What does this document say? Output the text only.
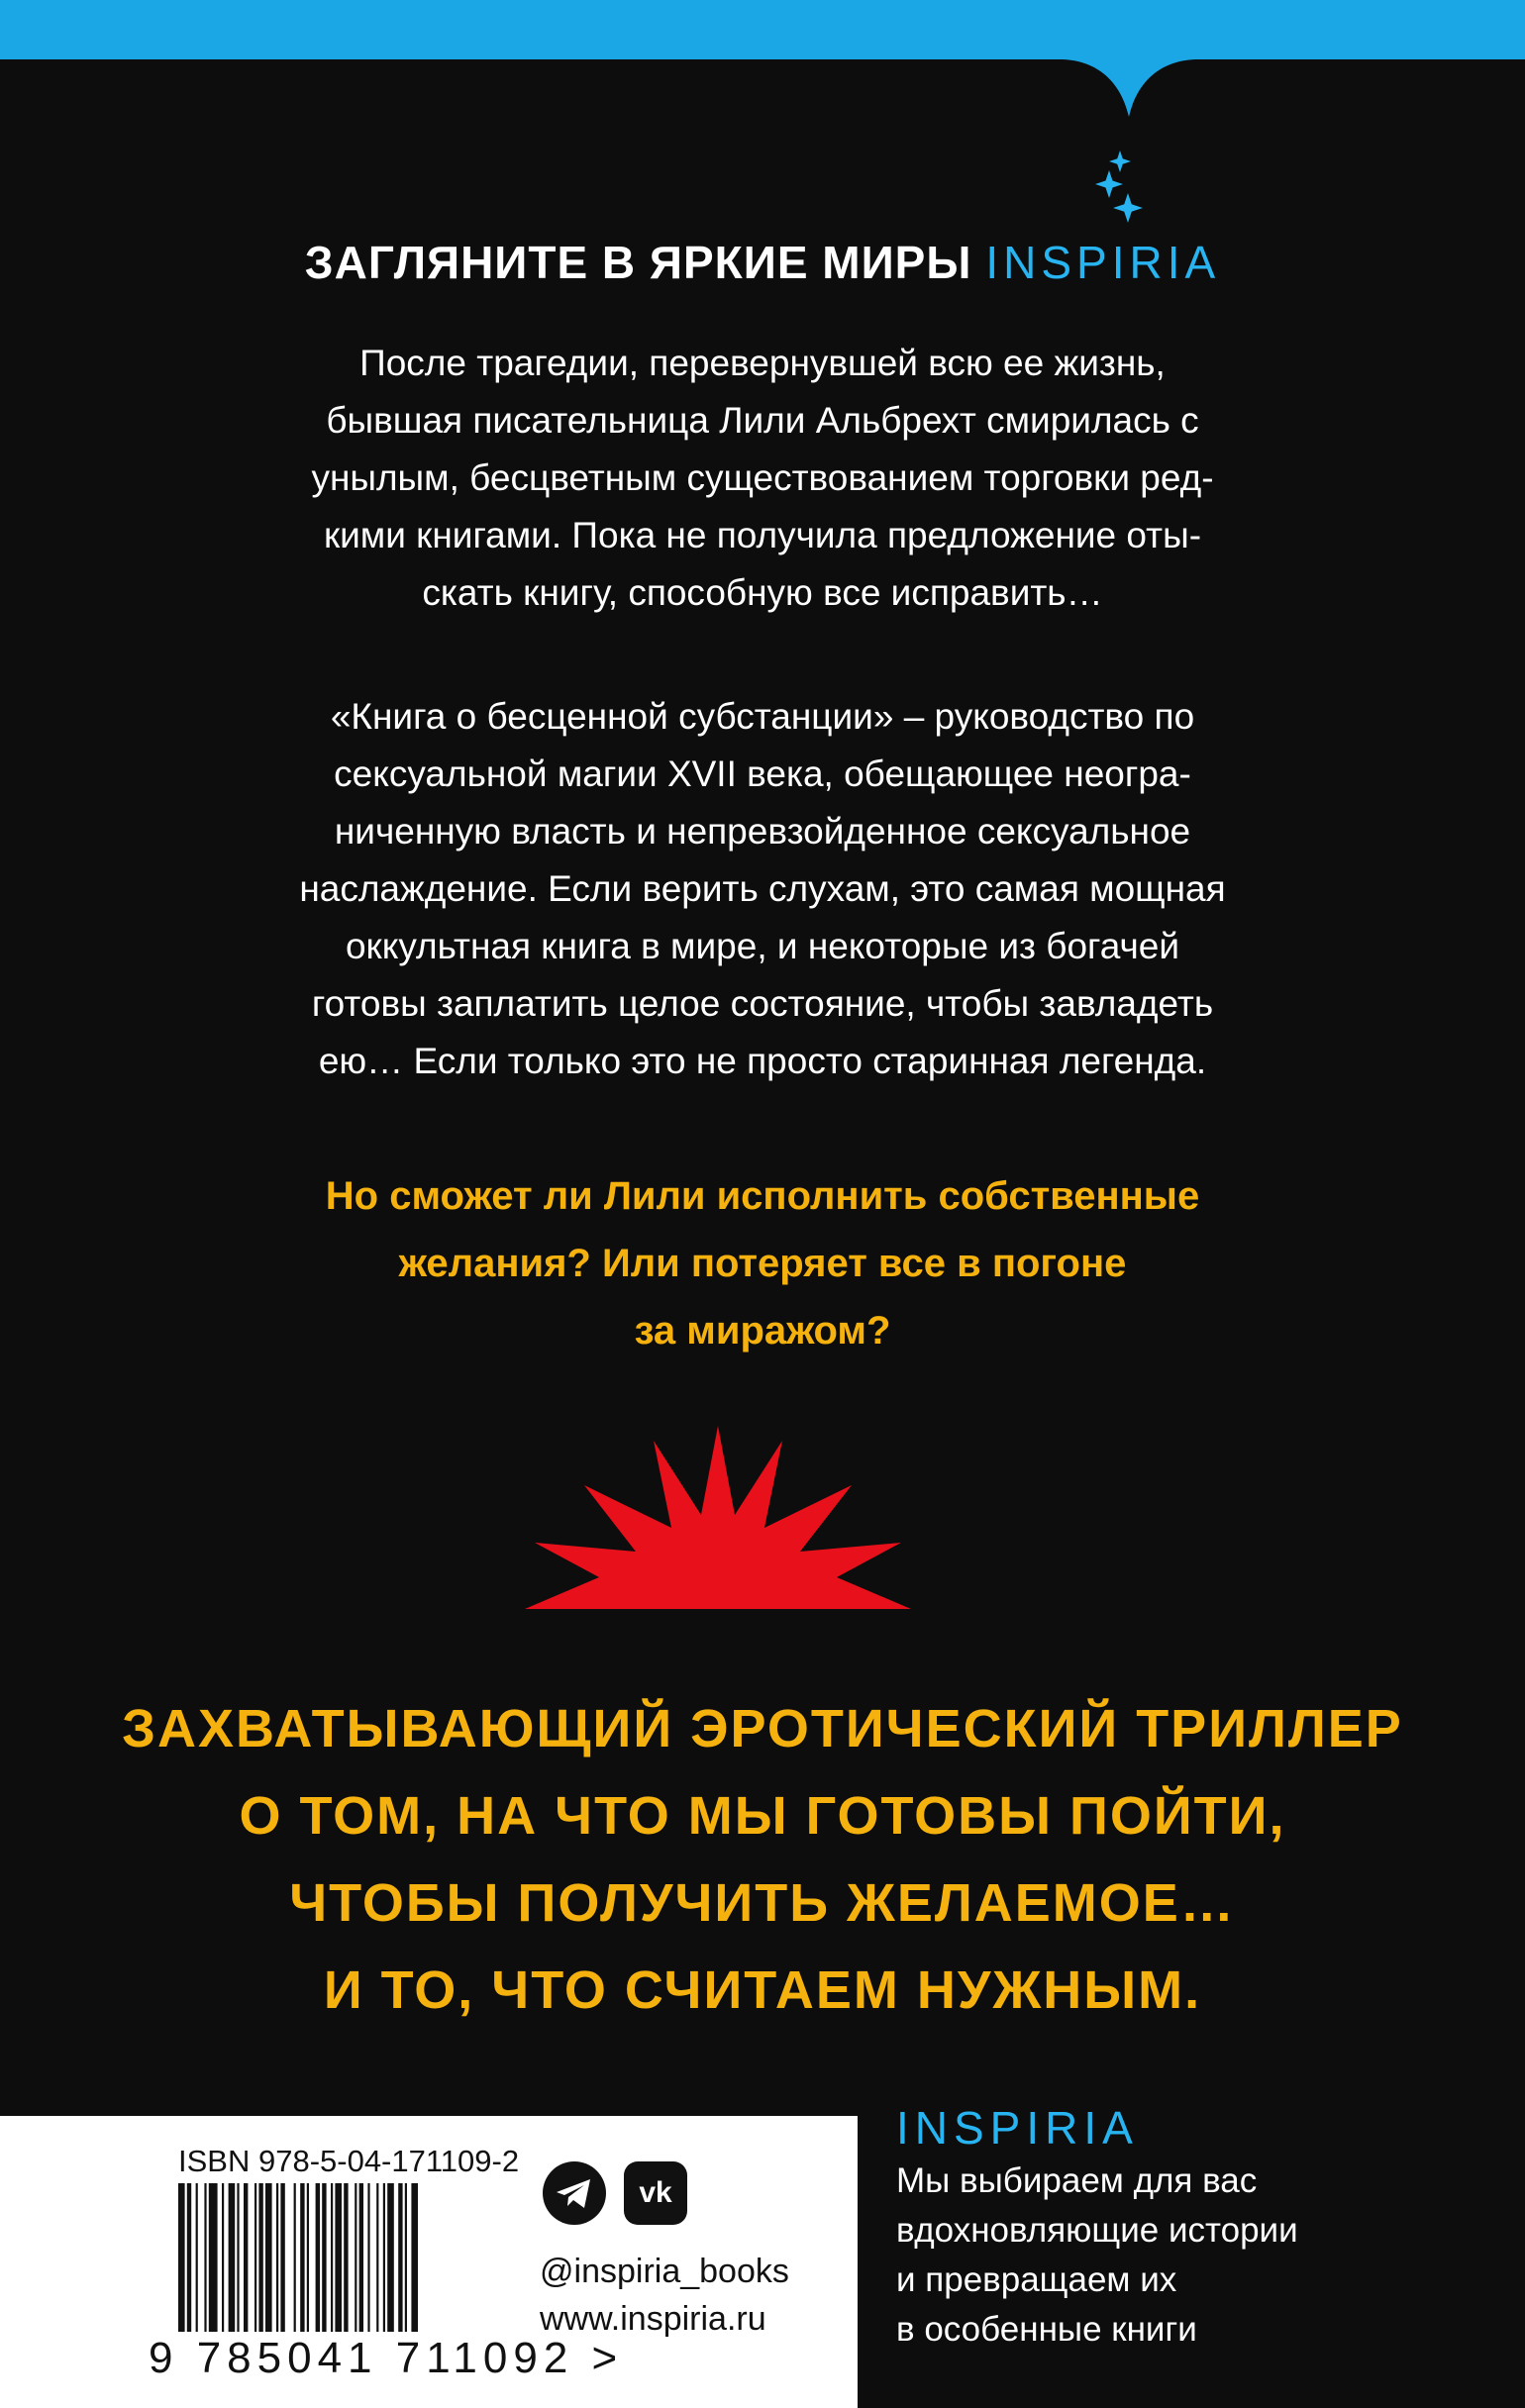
ЗАГЛЯНИТЕ В ЯРКИЕ МИРЫ INSPIRIA
После трагедии, перевернувшей всю ее жизнь,
бывшая писательница Лили Альбрехт смирилась с
унылым, бесцветным существованием торговки ред-
кими книгами. Пока не получила предложение оты-
скать книгу, способную все исправить…
«Книга о бесценной субстанции» – руководство по
сексуальной магии XVII века, обещающее неогра-
ниченную власть и непревзойденное сексуальное
наслаждение. Если верить слухам, это самая мощная
оккультная книга в мире, и некоторые из богачей
готовы заплатить целое состояние, чтобы завладеть
ею… Если только это не просто старинная легенда.
Но сможет ли Лили исполнить собственные
желания? Или потеряет все в погоне
за миражом?
ЗАХВАТЫВАЮЩИЙ ЭРОТИЧЕСКИЙ ТРИЛЛЕР
О ТОМ, НА ЧТО МЫ ГОТОВЫ ПОЙТИ,
ЧТОБЫ ПОЛУЧИТЬ ЖЕЛАЕМОЕ…
И ТО, ЧТО СЧИТАЕМ НУЖНЫМ.
ISBN 978-5-04-171109-2
9 785041 711092 >
vk
@inspiria_books
www.inspiria.ru
INSPIRIA
Мы выбираем для вас
вдохновляющие истории
и превращаем их
в особенные книги
